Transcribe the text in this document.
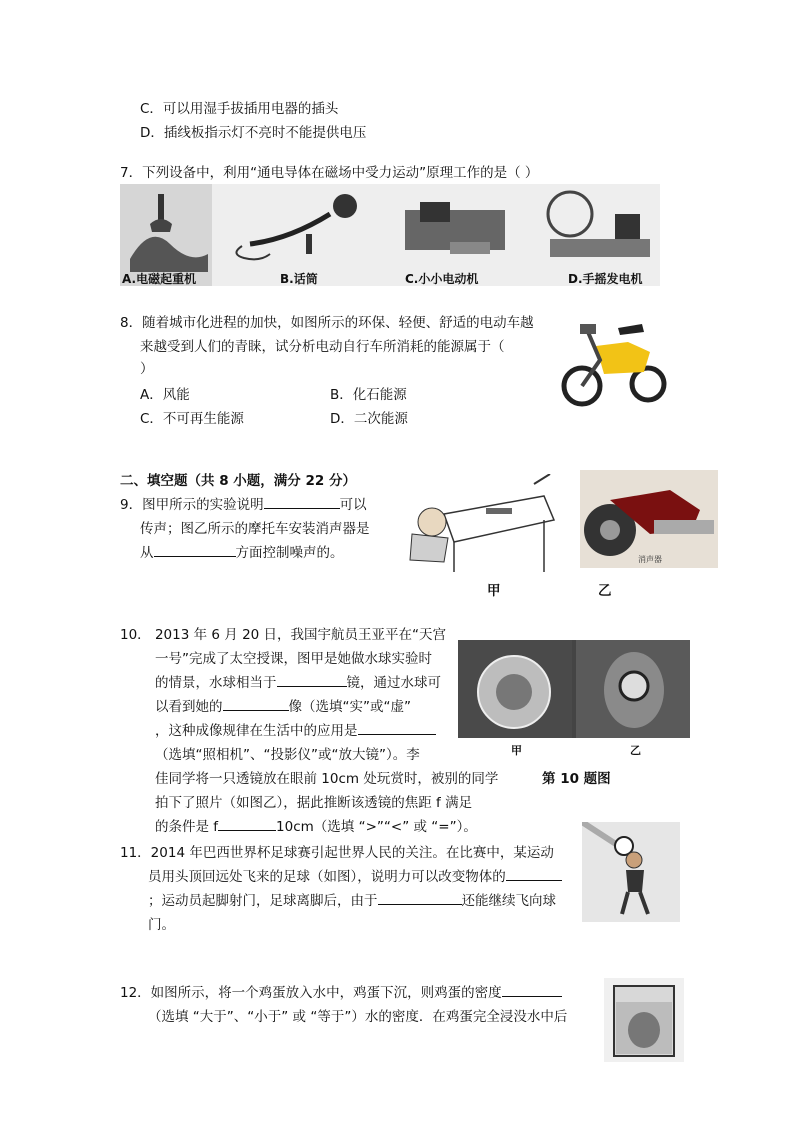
C．可以用湿手拔插用电器的插头
D．插线板指示灯不亮时不能提供电压
7．下列设备中，利用“通电导体在磁场中受力运动”原理工作的是（ ）
A.电磁起重机	B.话筒	C.小小电动机	D.手摇发电机
8．随着城市化进程的加快，如图所示的环保、轻便、舒适的电动车越
来越受到人们的青睐，试分析电动自行车所消耗的能源属于（
）
A．风能	B．化石能源
C．不可再生能源	D．二次能源
二、填空题（共 8 小题，满分 22 分）
9．图甲所示的实验说明	可以
传声；图乙所示的摩托车安装消声器是
从	方面控制噪声的。	消声器
甲	乙
10． 2013 年 6 月 20 日，我国宇航员王亚平在“天宫
一号”完成了太空授课，图甲是她做水球实验时
的情景，水球相当于	镜，通过水球可
以看到她的	像（选填“实”或“虚”
，这种成像规律在生活中的应用是
（选填“照相机”、“投影仪”或“放大镜”）。李
佳同学将一只透镜放在眼前 10cm 处玩赏时，被别的同学
拍下了照片（如图乙），据此推断该透镜的焦距 f 满足
的条件是 f	10cm（选填 “>”“<” 或 “=”）。
甲	乙
第 10 题图
11．2014 年巴西世界杯足球赛引起世界人民的关注。在比赛中，某运动
员用头顶回远处飞来的足球（如图），说明力可以改变物体的
；运动员起脚射门，足球离脚后，由于	还能继续飞向球
门。
12．如图所示，将一个鸡蛋放入水中，鸡蛋下沉，则鸡蛋的密度
（选填 “大于”、“小于” 或 “等于”）水的密度．在鸡蛋完全浸没水中后
